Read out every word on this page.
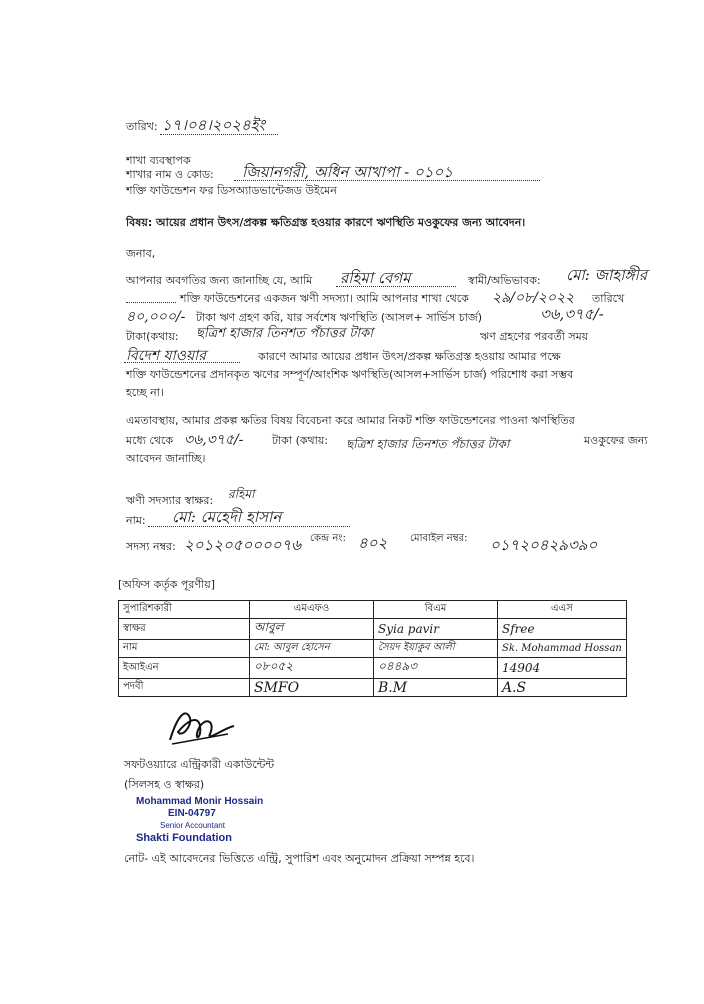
তারিখ: ১৭।০৪।২০২৪ইং
শাখা ব্যবস্থাপক
শাখার নাম ও কোড: জিয়ানগরী, অধিন আখাপা - ০১০১
শক্তি ফাউন্ডেশন ফর ডিসঅ্যাডভান্টেজড উইমেন
বিষয়: আয়ের প্রধান উৎস/প্রকল্প ক্ষতিগ্রস্ত হওয়ার কারণে ঋণস্থিতি মওকুফের জন্য আবেদন।
জনাব,
আপনার অবগতির জন্য জানাচ্ছি যে, আমি রহিমা বেগম	স্বামী/অভিভাবক: মো: জাহাঙ্গীর
শক্তি ফাউন্ডেশনের একজন ঋণী সদস্যা। আমি আপনার শাখা থেকে ২৯/০৮/২০২২ তারিখে
৪০,০০০/- টাকা ঋণ গ্রহণ করি, যার সর্বশেষ ঋণস্থিতি (আসল+ সার্ভিস চার্জ)	৩৬,৩৭৫/-
টাকা(কথায়: ছত্রিশ হাজার তিনশত পঁচাত্তর টাকা	ঋণ গ্রহণের পরবর্তী সময়
বিদেশ যাওয়ার	কারণে আমার আয়ের প্রধান উৎস/প্রকল্প ক্ষতিগ্রস্ত হওয়ায় আমার পক্ষে
শক্তি ফাউন্ডেশনের প্রদানকৃত ঋণের সম্পূর্ণ/আংশিক ঋণস্থিতি(আসল+সার্ভিস চার্জ) পরিশোধ করা সম্ভব
হচ্ছে না।
এমতাবস্থায়, আমার প্রকল্প ক্ষতির বিষয় বিবেচনা করে আমার নিকট শক্তি ফাউন্ডেশনের পাওনা ঋণস্থিতির
মধ্যে থেকে ৩৬,৩৭৫/-	টাকা (কথায়: ছত্রিশ হাজার তিনশত পঁচাত্তর টাকা	মওকুফের জন্য
আবেদন জানাচ্ছি।
ঋণী সদস্যার স্বাক্ষর: রহিমা
নাম: মো: মেহেদী হাসান
সদস্য নম্বর: ২০১২০৫০০০০৭৬ কেন্দ্র নং: ৪০২ মোবাইল নম্বর: ০১৭২০৪২৯৩৯০
[অফিস কর্তৃক পূরণীয়]
সুপারিশকারী	এমএফও	বিএম	এএস
স্বাক্ষর	আবুল	Syia pavir	Sfree
নাম	মো: আবুল হোসেন	সৈয়দ ইয়াকুব আলী	Sk. Mohammad Hossan
ইআইএন	০৮০৫২	০৪৪৯৩	14904
পদবী	SMFO	B.M	A.S
সফটওয়্যারে এন্ট্রিকারী একাউন্টেন্ট
(সিলসহ ও স্বাক্ষর)
Mohammad Monir Hossain
EIN-04797
Senior Accountant
Shakti Foundation
নোট- এই আবেদনের ভিত্তিতে এন্ট্রি, সুপারিশ এবং অনুমোদন প্রক্রিয়া সম্পন্ন হবে।
